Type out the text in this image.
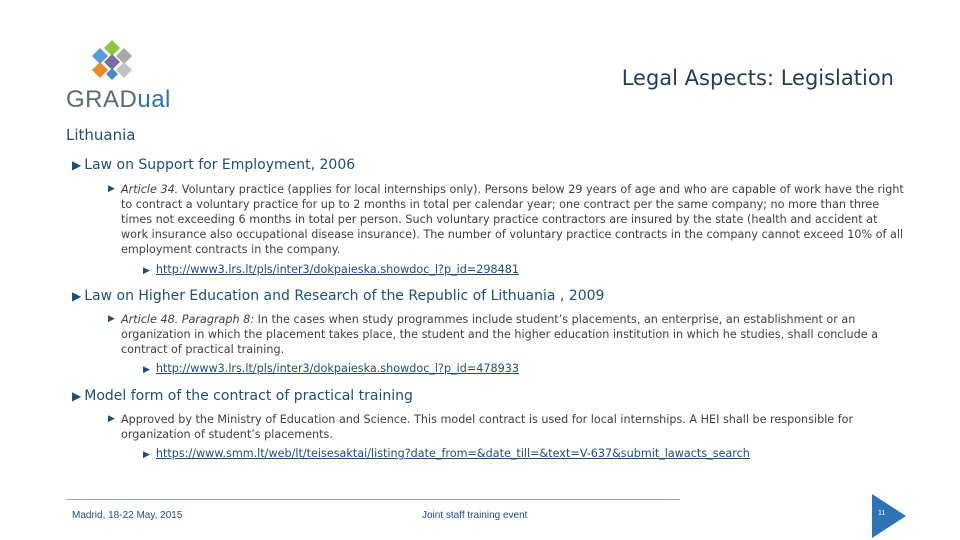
GRADual
Legal Aspects: Legislation
Lithuania
▶ Law on Support for Employment, 2006
▶ Article 34. Voluntary practice (applies for local internships only). Persons below 29 years of age and who are capable of work have the right to contract a voluntary practice for up to 2 months in total per calendar year; one contract per the same company; no more than three times not exceeding 6 months in total per person. Such voluntary practice contractors are insured by the state (health and accident at work insurance also occupational disease insurance). The number of voluntary practice contracts in the company cannot exceed 10% of all employment contracts in the company.
▶ http://www3.lrs.lt/pls/inter3/dokpaieska.showdoc_l?p_id=298481
▶ Law on Higher Education and Research of the Republic of Lithuania , 2009
▶ Article 48. Paragraph 8: In the cases when study programmes include student’s placements, an enterprise, an establishment or an organization in which the placement takes place, the student and the higher education institution in which he studies, shall conclude a contract of practical training.
▶ http://www3.lrs.lt/pls/inter3/dokpaieska.showdoc_l?p_id=478933
▶ Model form of the contract of practical training
▶ Approved by the Ministry of Education and Science. This model contract is used for local internships. A HEI shall be responsible for organization of student’s placements.
▶ https://www.smm.lt/web/lt/teisesaktai/listing?date_from=&date_till=&text=V-637&submit_lawacts_search
Madrid, 18-22 May, 2015	Joint staff training event	11
